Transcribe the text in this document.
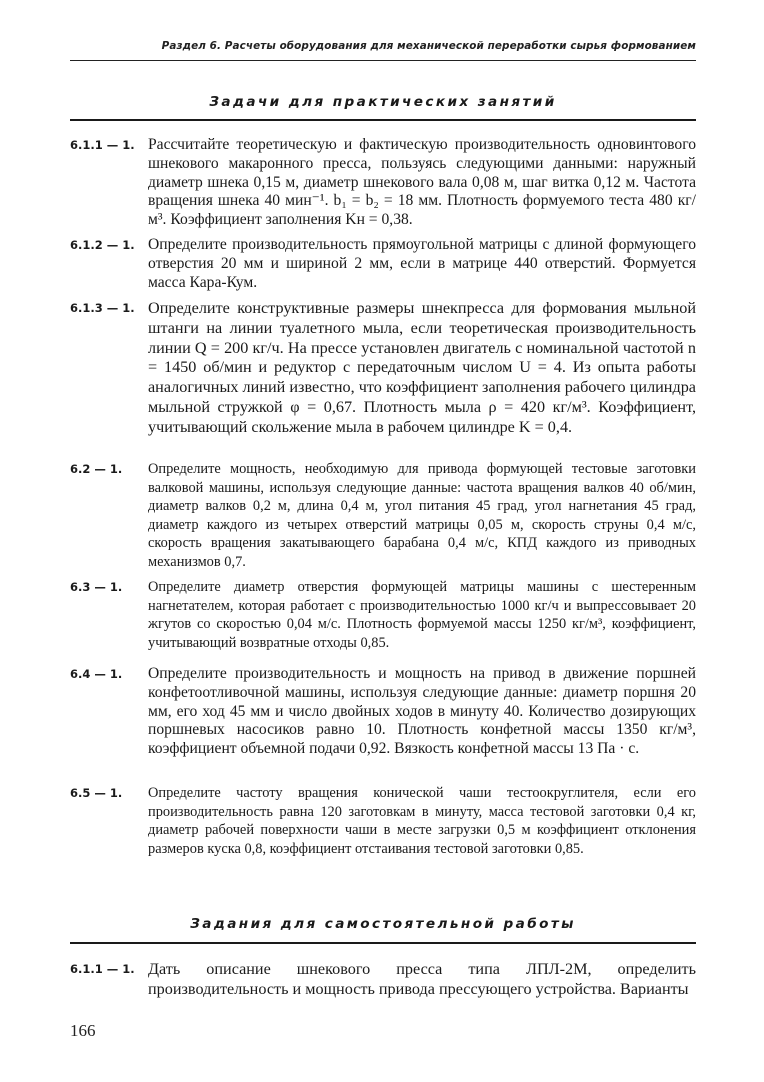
Раздел 6. Расчеты оборудования для механической переработки сырья формованием
Задачи для практических занятий
6.1.1 — 1. Рассчитайте теоретическую и фактическую производительность одновинтового шнекового макаронного пресса, пользуясь следующими данными: наружный диаметр шнека 0,15 м, диаметр шнекового вала 0,08 м, шаг витка 0,12 м. Частота вращения шнека 40 мин⁻¹. b₁ = b₂ = 18 мм. Плотность формуемого теста 480 кг/м³. Коэффициент заполнения Kн = 0,38.
6.1.2 — 1. Определите производительность прямоугольной матрицы с длиной формующего отверстия 20 мм и шириной 2 мм, если в матрице 440 отверстий. Формуется масса Кара-Кум.
6.1.3 — 1. Определите конструктивные размеры шнекпресса для формования мыльной штанги на линии туалетного мыла, если теоретическая производительность линии Q = 200 кг/ч. На прессе установлен двигатель с номинальной частотой n = 1450 об/мин и редуктор с передаточным числом U = 4. Из опыта работы аналогичных линий известно, что коэффициент заполнения рабочего цилиндра мыльной стружкой φ = 0,67. Плотность мыла ρ = 420 кг/м³. Коэффициент, учитывающий скольжение мыла в рабочем цилиндре K = 0,4.
6.2 — 1.	Определите мощность, необходимую для привода формующей тестовые заготовки валковой машины, используя следующие данные: частота вращения валков 40 об/мин, диаметр валков 0,2 м, длина 0,4 м, угол питания 45 град, угол нагнетания 45 град, диаметр каждого из четырех отверстий матрицы 0,05 м, скорость струны 0,4 м/с, скорость вращения закатывающего барабана 0,4 м/с, КПД каждого из приводных механизмов 0,7.
6.3 — 1.	Определите диаметр отверстия формующей матрицы машины с шестеренным нагнетателем, которая работает с производительностью 1000 кг/ч и выпрессовывает 20 жгутов со скоростью 0,04 м/с. Плотность формуемой массы 1250 кг/м³, коэффициент, учитывающий возвратные отходы 0,85.
6.4 — 1.	Определите производительность и мощность на привод в движение поршней конфетоотливочной машины, используя следующие данные: диаметр поршня 20 мм, его ход 45 мм и число двойных ходов в минуту 40. Количество дозирующих поршневых насосиков равно 10. Плотность конфетной массы 1350 кг/м³, коэффициент объемной подачи 0,92. Вязкость конфетной массы 13 Па · с.
6.5 — 1.	Определите частоту вращения конической чаши тестоокруглителя, если его производительность равна 120 заготовкам в минуту, масса тестовой заготовки 0,4 кг, диаметр рабочей поверхности чаши в месте загрузки 0,5 м коэффициент отклонения размеров куска 0,8, коэффициент отстаивания тестовой заготовки 0,85.
Задания для самостоятельной работы
6.1.1 — 1. Дать описание шнекового пресса типа ЛПЛ-2М, определить производительность и мощность привода прессующего устройства. Варианты
166
